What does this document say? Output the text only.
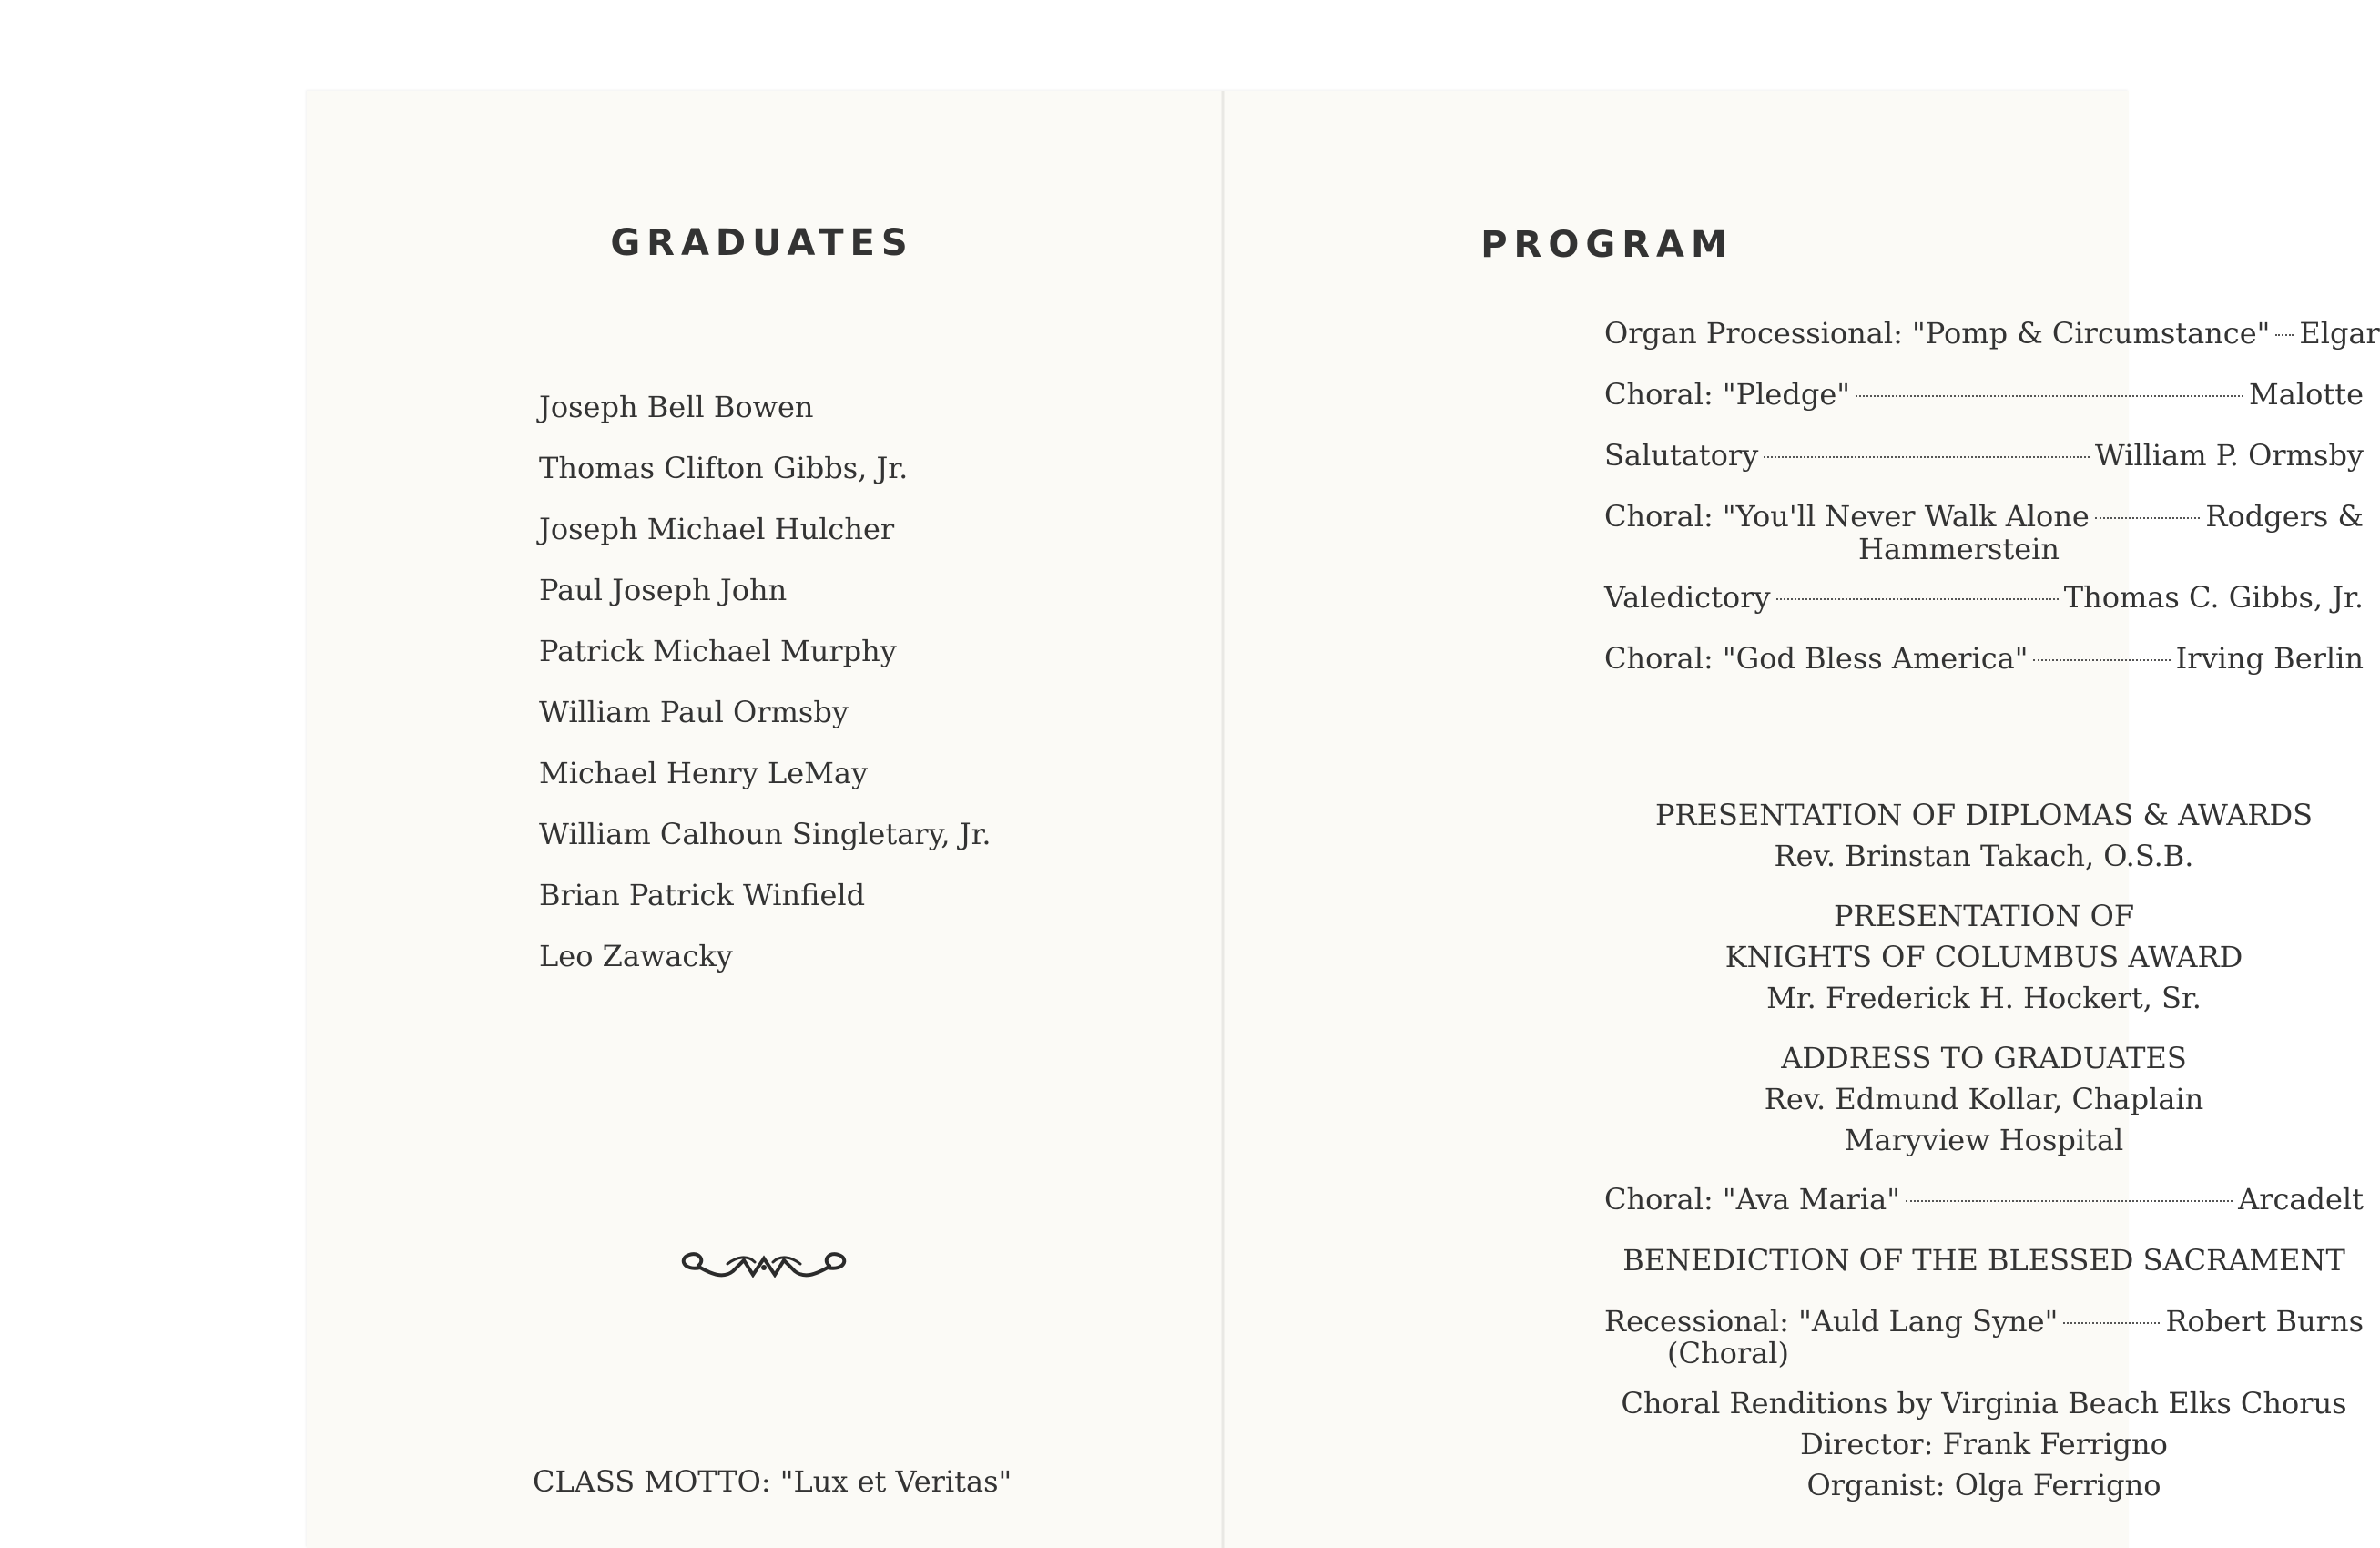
GRADUATES
Joseph Bell Bowen
Thomas Clifton Gibbs, Jr.
Joseph Michael Hulcher
Paul Joseph John
Patrick Michael Murphy
William Paul Ormsby
Michael Henry LeMay
William Calhoun Singletary, Jr.
Brian Patrick Winfield
Leo Zawacky
CLASS MOTTO: "Lux et Veritas"
PROGRAM
Organ Processional: "Pomp & Circumstance" Elgar
Choral: "Pledge"	Malotte
Salutatory	William P. Ormsby
Choral: "You'll Never Walk Alone	Rodgers &
Hammerstein
Valedictory	Thomas C. Gibbs, Jr.
Choral: "God Bless America"	Irving Berlin
PRESENTATION OF DIPLOMAS & AWARDS
Rev. Brinstan Takach, O.S.B.
PRESENTATION OF
KNIGHTS OF COLUMBUS AWARD
Mr. Frederick H. Hockert, Sr.
ADDRESS TO GRADUATES
Rev. Edmund Kollar, Chaplain
Maryview Hospital
Choral: "Ava Maria"	Arcadelt
BENEDICTION OF THE BLESSED SACRAMENT
Recessional: "Auld Lang Syne"	Robert Burns
(Choral)
Choral Renditions by Virginia Beach Elks Chorus
Director: Frank Ferrigno
Organist: Olga Ferrigno
